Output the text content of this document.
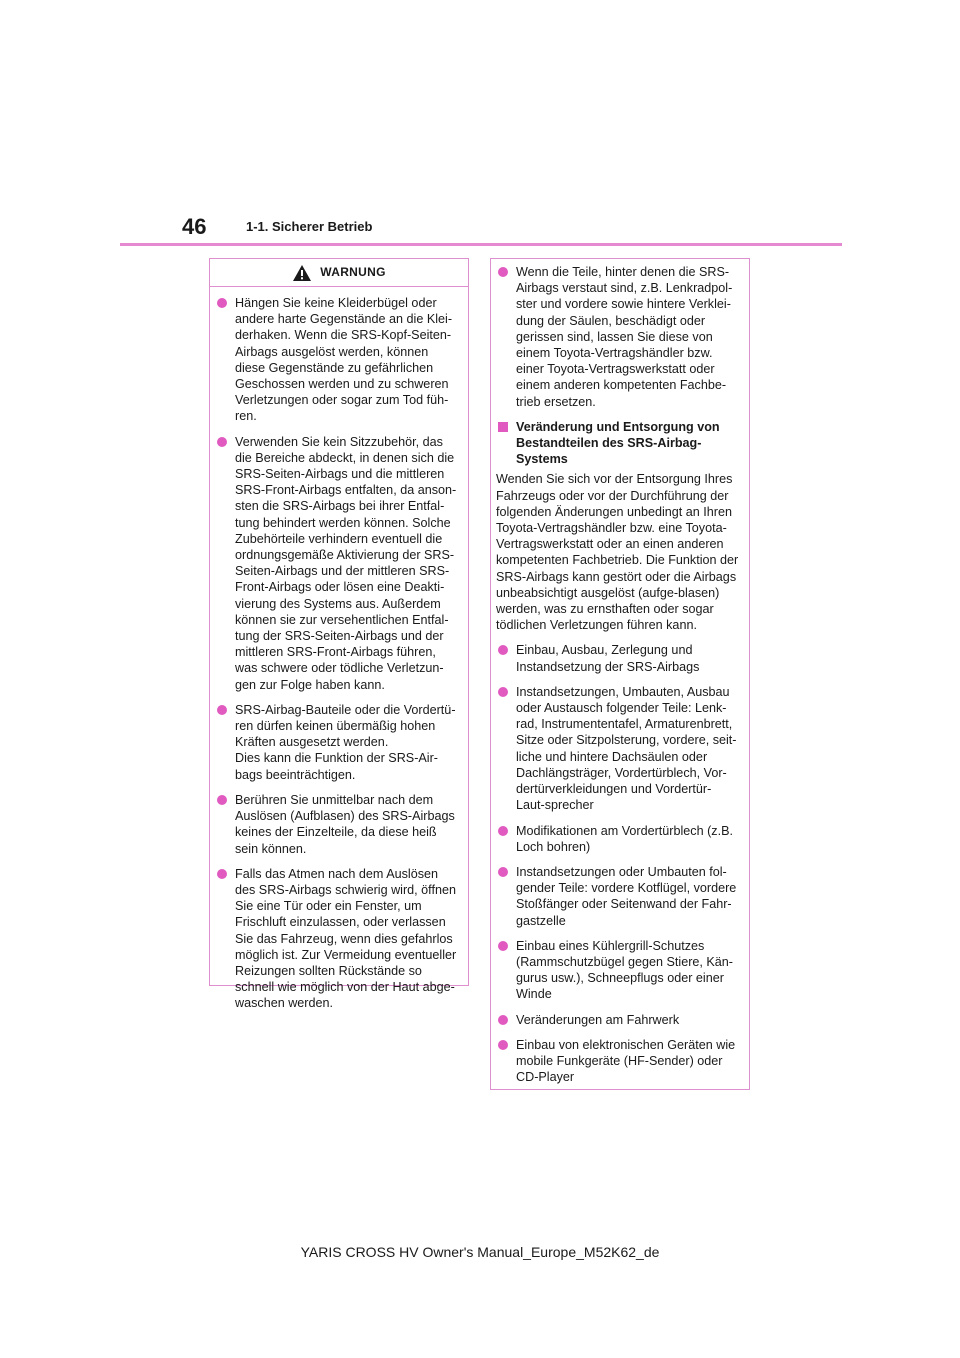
46	1-1. Sicherer Betrieb
WARNUNG
Hängen Sie keine Kleiderbügel oder andere harte Gegenstände an die Klei-derhaken. Wenn die SRS-Kopf-Seiten-Airbags ausgelöst werden, können diese Gegenstände zu gefährlichen Geschossen werden und zu schweren Verletzungen oder sogar zum Tod füh-ren.
Verwenden Sie kein Sitzzubehör, das die Bereiche abdeckt, in denen sich die SRS-Seiten-Airbags und die mittleren SRS-Front-Airbags entfalten, da anson-sten die SRS-Airbags bei ihrer Entfal-tung behindert werden können. Solche Zubehörteile verhindern eventuell die ordnungsgemäße Aktivierung der SRS-Seiten-Airbags und der mittleren SRS-Front-Airbags oder lösen eine Deakti-vierung des Systems aus. Außerdem können sie zur versehentlichen Entfal-tung der SRS-Seiten-Airbags und der mittleren SRS-Front-Airbags führen, was schwere oder tödliche Verletzun-gen zur Folge haben kann.
SRS-Airbag-Bauteile oder die Vordertü-ren dürfen keinen übermäßig hohen Kräften ausgesetzt werden.
Dies kann die Funktion der SRS-Air-bags beeinträchtigen.
Berühren Sie unmittelbar nach dem Auslösen (Aufblasen) des SRS-Airbags keines der Einzelteile, da diese heiß sein können.
Falls das Atmen nach dem Auslösen des SRS-Airbags schwierig wird, öffnen Sie eine Tür oder ein Fenster, um Frischluft einzulassen, oder verlassen Sie das Fahrzeug, wenn dies gefahrlos möglich ist. Zur Vermeidung eventueller Reizungen sollten Rückstände so schnell wie möglich von der Haut abge-waschen werden.
Wenn die Teile, hinter denen die SRS-Airbags verstaut sind, z.B. Lenkradpol-ster und vordere sowie hintere Verklei-dung der Säulen, beschädigt oder gerissen sind, lassen Sie diese von einem Toyota-Vertragshändler bzw. einer Toyota-Vertragswerkstatt oder einem anderen kompetenten Fachbe-trieb ersetzen.
Veränderung und Entsorgung von Bestandteilen des SRS-Airbag-Systems
Wenden Sie sich vor der Entsorgung Ihres Fahrzeugs oder vor der Durchführung der folgenden Änderungen unbedingt an Ihren Toyota-Vertragshändler bzw. eine Toyota-Vertragswerkstatt oder an einen anderen kompetenten Fachbetrieb. Die Funktion der SRS-Airbags kann gestört oder die Airbags unbeabsichtigt ausgelöst (aufge-blasen) werden, was zu ernsthaften oder sogar tödlichen Verletzungen führen kann.
Einbau, Ausbau, Zerlegung und Instandsetzung der SRS-Airbags
Instandsetzungen, Umbauten, Ausbau oder Austausch folgender Teile: Lenk-rad, Instrumententafel, Armaturenbrett, Sitze oder Sitzpolsterung, vordere, seit-liche und hintere Dachsäulen oder Dachlängsträger, Vordertürblech, Vor-dertürverkleidungen und Vordertür-Laut-sprecher
Modifikationen am Vordertürblech (z.B. Loch bohren)
Instandsetzungen oder Umbauten fol-gender Teile: vordere Kotflügel, vordere Stoßfänger oder Seitenwand der Fahr-gastzelle
Einbau eines Kühlergrill-Schutzes (Rammschutzbügel gegen Stiere, Kän-gurus usw.), Schneepflugs oder einer Winde
Veränderungen am Fahrwerk
Einbau von elektronischen Geräten wie mobile Funkgeräte (HF-Sender) oder CD-Player
YARIS CROSS HV Owner's Manual_Europe_M52K62_de
